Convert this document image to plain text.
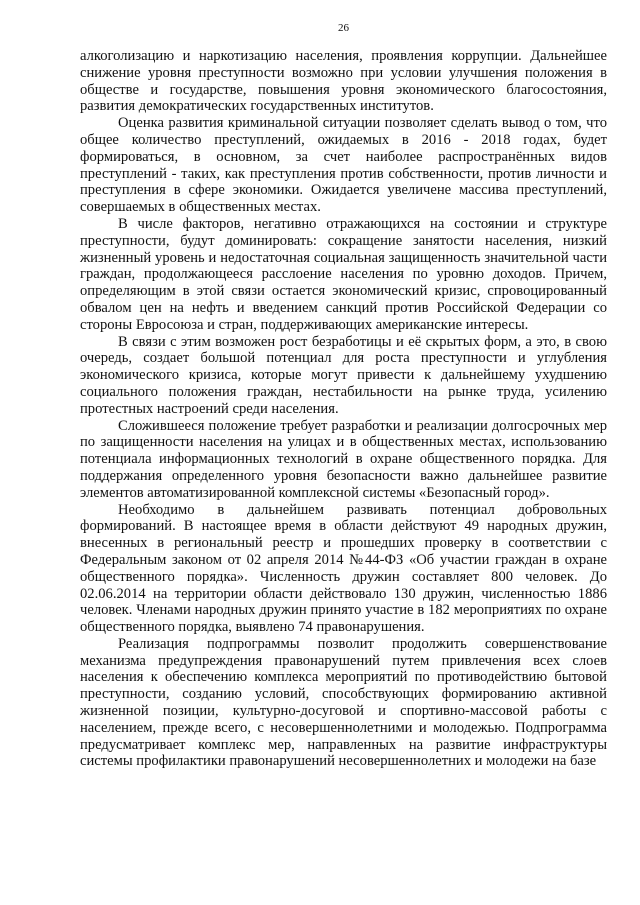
26

алкоголизацию и наркотизацию населения, проявления коррупции. Дальнейшее снижение уровня преступности возможно при условии улучшения положения в обществе и государстве, повышения уровня экономического благосостояния, развития демократических государственных институтов.

Оценка развития криминальной ситуации позволяет сделать вывод о том, что общее количество преступлений, ожидаемых в 2016 - 2018 годах, будет формироваться, в основном, за счет наиболее распространённых видов преступлений - таких, как преступления против собственности, против личности и преступления в сфере экономики. Ожидается увеличене массива преступлений, совершаемых в общественных местах.

В числе факторов, негативно отражающихся на состоянии и структуре преступности, будут доминировать: сокращение занятости населения, низкий жизненный уровень и недостаточная социальная защищенность значительной части граждан, продолжающееся расслоение населения по уровню доходов. Причем, определяющим в этой связи остается экономический кризис, спровоцированный обвалом цен на нефть и введением санкций против Российской Федерации со стороны Евросоюза и стран, поддерживающих американские интересы.

В связи с этим возможен рост безработицы и её скрытых форм, а это, в свою очередь, создает большой потенциал для роста преступности и углубления экономического кризиса, которые могут привести к дальнейшему ухудшению социального положения граждан, нестабильности на рынке труда, усилению протестных настроений среди населения.

Сложившееся положение требует разработки и реализации долгосрочных мер по защищенности населения на улицах и в общественных местах, использованию потенциала информационных технологий в охране общественного порядка. Для поддержания определенного уровня безопасности важно дальнейшее развитие элементов автоматизированной комплексной системы «Безопасный город».

Необходимо в дальнейшем развивать потенциал добровольных формирований. В настоящее время в области действуют 49 народных дружин, внесенных в региональный реестр и прошедших проверку в соответствии с Федеральным законом от 02 апреля 2014 №44-ФЗ «Об участии граждан в охране общественного порядка». Численность дружин составляет 800 человек. До 02.06.2014 на территории области действовало 130 дружин, численностью 1886 человек. Членами народных дружин принято участие в 182 мероприятиях по охране общественного порядка, выявлено 74 правонарушения.

Реализация подпрограммы позволит продолжить совершенствование механизма предупреждения правонарушений путем привлечения всех слоев населения к обеспечению комплекса мероприятий по противодействию бытовой преступности, созданию условий, способствующих формированию активной жизненной позиции, культурно-досуговой и спортивно-массовой работы с населением, прежде всего, с несовершеннолетними и молодежью. Подпрограмма предусматривает комплекс мер, направленных на развитие инфраструктуры системы профилактики правонарушений несовершеннолетних и молодежи на базе
